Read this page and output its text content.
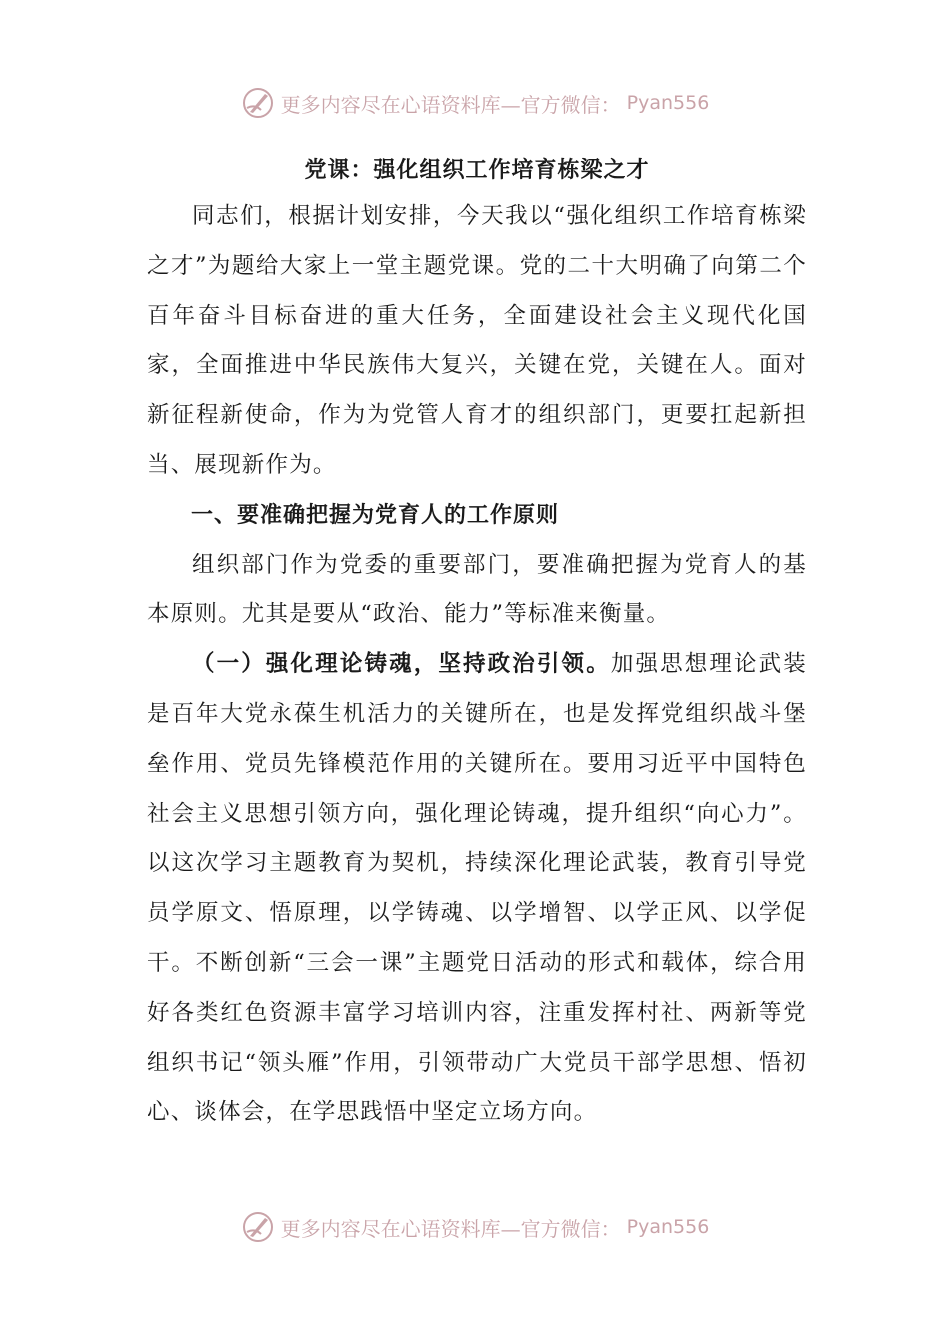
更多内容尽在心语资料库—官方微信： Pyan556

党课：强化组织工作培育栋梁之才

同志们，根据计划安排，今天我以“强化组织工作培育栋梁之才”为题给大家上一堂主题党课。党的二十大明确了向第二个百年奋斗目标奋进的重大任务，全面建设社会主义现代化国家，全面推进中华民族伟大复兴，关键在党，关键在人。面对新征程新使命，作为为党管人育才的组织部门，更要扛起新担当、展现新作为。

一、要准确把握为党育人的工作原则

组织部门作为党委的重要部门，要准确把握为党育人的基本原则。尤其是要从“政治、能力”等标准来衡量。

（一）强化理论铸魂，坚持政治引领。加强思想理论武装是百年大党永葆生机活力的关键所在，也是发挥党组织战斗堡垒作用、党员先锋模范作用的关键所在。要用习近平中国特色社会主义思想引领方向，强化理论铸魂，提升组织“向心力”。以这次学习主题教育为契机，持续深化理论武装，教育引导党员学原文、悟原理，以学铸魂、以学增智、以学正风、以学促干。不断创新“三会一课”主题党日活动的形式和载体，综合用好各类红色资源丰富学习培训内容，注重发挥村社、两新等党组织书记“领头雁”作用，引领带动广大党员干部学思想、悟初心、谈体会，在学思践悟中坚定立场方向。

更多内容尽在心语资料库—官方微信： Pyan556
